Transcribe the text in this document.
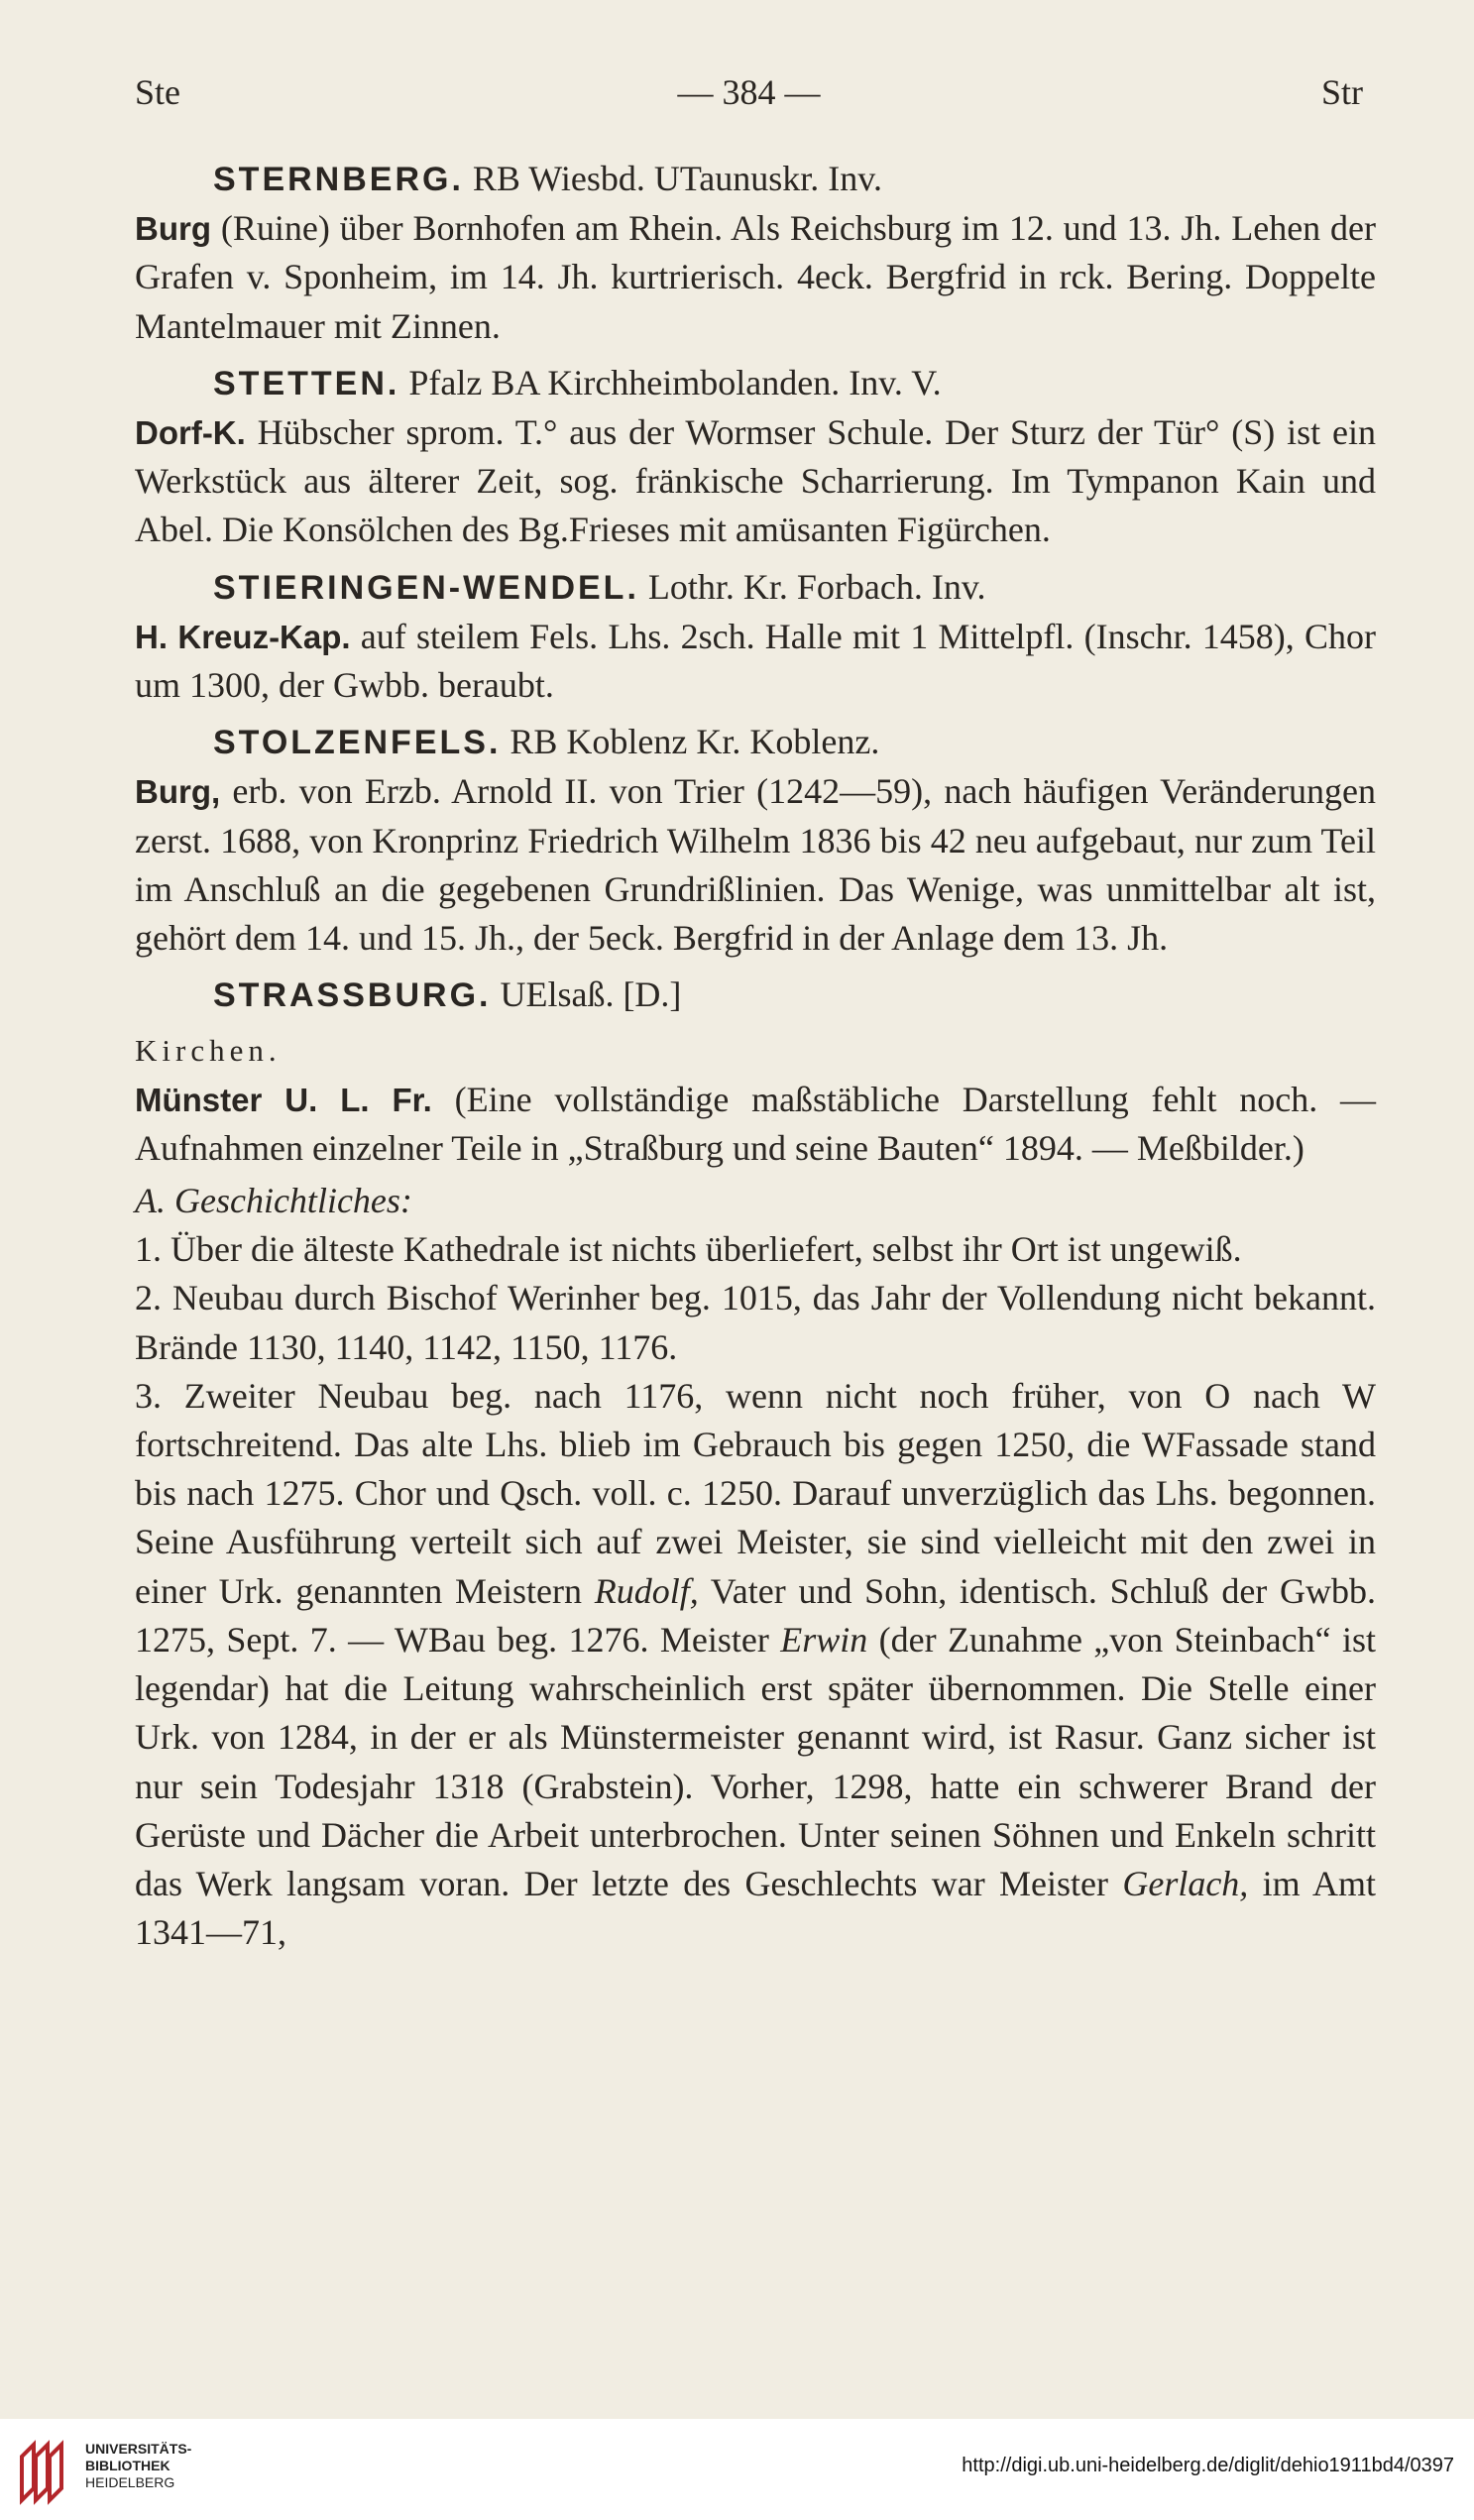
Ste	— 384 —	Str

STERNBERG. RB Wiesbd. UTaunuskr. Inv.

Burg (Ruine) über Bornhofen am Rhein. Als Reichsburg im 12. und 13. Jh. Lehen der Grafen v. Sponheim, im 14. Jh. kurtrierisch. 4eck. Bergfrid in rck. Bering. Doppelte Mantelmauer mit Zinnen.

STETTEN. Pfalz BA Kirchheimbolanden. Inv. V.

Dorf-K. Hübscher sprom. T.° aus der Wormser Schule. Der Sturz der Tür° (S) ist ein Werkstück aus älterer Zeit, sog. fränkische Scharrierung. Im Tympanon Kain und Abel. Die Konsölchen des Bg.Frieses mit amüsanten Figürchen.

STIERINGEN-WENDEL. Lothr. Kr. Forbach. Inv.

H. Kreuz-Kap. auf steilem Fels. Lhs. 2sch. Halle mit 1 Mittelpfl. (Inschr. 1458), Chor um 1300, der Gwbb. beraubt.

STOLZENFELS. RB Koblenz Kr. Koblenz.

Burg, erb. von Erzb. Arnold II. von Trier (1242—59), nach häufigen Veränderungen zerst. 1688, von Kronprinz Friedrich Wilhelm 1836 bis 42 neu aufgebaut, nur zum Teil im Anschluß an die gegebenen Grundrißlinien. Das Wenige, was unmittelbar alt ist, gehört dem 14. und 15. Jh., der 5eck. Bergfrid in der Anlage dem 13. Jh.

STRASSBURG. UElsaß. [D.]

Kirchen.

Münster U. L. Fr. (Eine vollständige maßstäbliche Darstellung fehlt noch. — Aufnahmen einzelner Teile in „Straßburg und seine Bauten“ 1894. — Meßbilder.)

A. Geschichtliches:

1. Über die älteste Kathedrale ist nichts überliefert, selbst ihr Ort ist ungewiß.

2. Neubau durch Bischof Werinher beg. 1015, das Jahr der Vollendung nicht bekannt. Brände 1130, 1140, 1142, 1150, 1176.

3. Zweiter Neubau beg. nach 1176, wenn nicht noch früher, von O nach W fortschreitend. Das alte Lhs. blieb im Gebrauch bis gegen 1250, die WFassade stand bis nach 1275. Chor und Qsch. voll. c. 1250. Darauf unverzüglich das Lhs. begonnen. Seine Ausführung verteilt sich auf zwei Meister, sie sind vielleicht mit den zwei in einer Urk. genannten Meistern Rudolf, Vater und Sohn, identisch. Schluß der Gwbb. 1275, Sept. 7. — WBau beg. 1276. Meister Erwin (der Zunahme „von Steinbach“ ist legendar) hat die Leitung wahrscheinlich erst später übernommen. Die Stelle einer Urk. von 1284, in der er als Münstermeister genannt wird, ist Rasur. Ganz sicher ist nur sein Todesjahr 1318 (Grabstein). Vorher, 1298, hatte ein schwerer Brand der Gerüste und Dächer die Arbeit unterbrochen. Unter seinen Söhnen und Enkeln schritt das Werk langsam voran. Der letzte des Geschlechts war Meister Gerlach, im Amt 1341—71,

UNIVERSITÄTS-
BIBLIOTHEK
HEIDELBERG
http://digi.ub.uni-heidelberg.de/diglit/dehio1911bd4/0397
